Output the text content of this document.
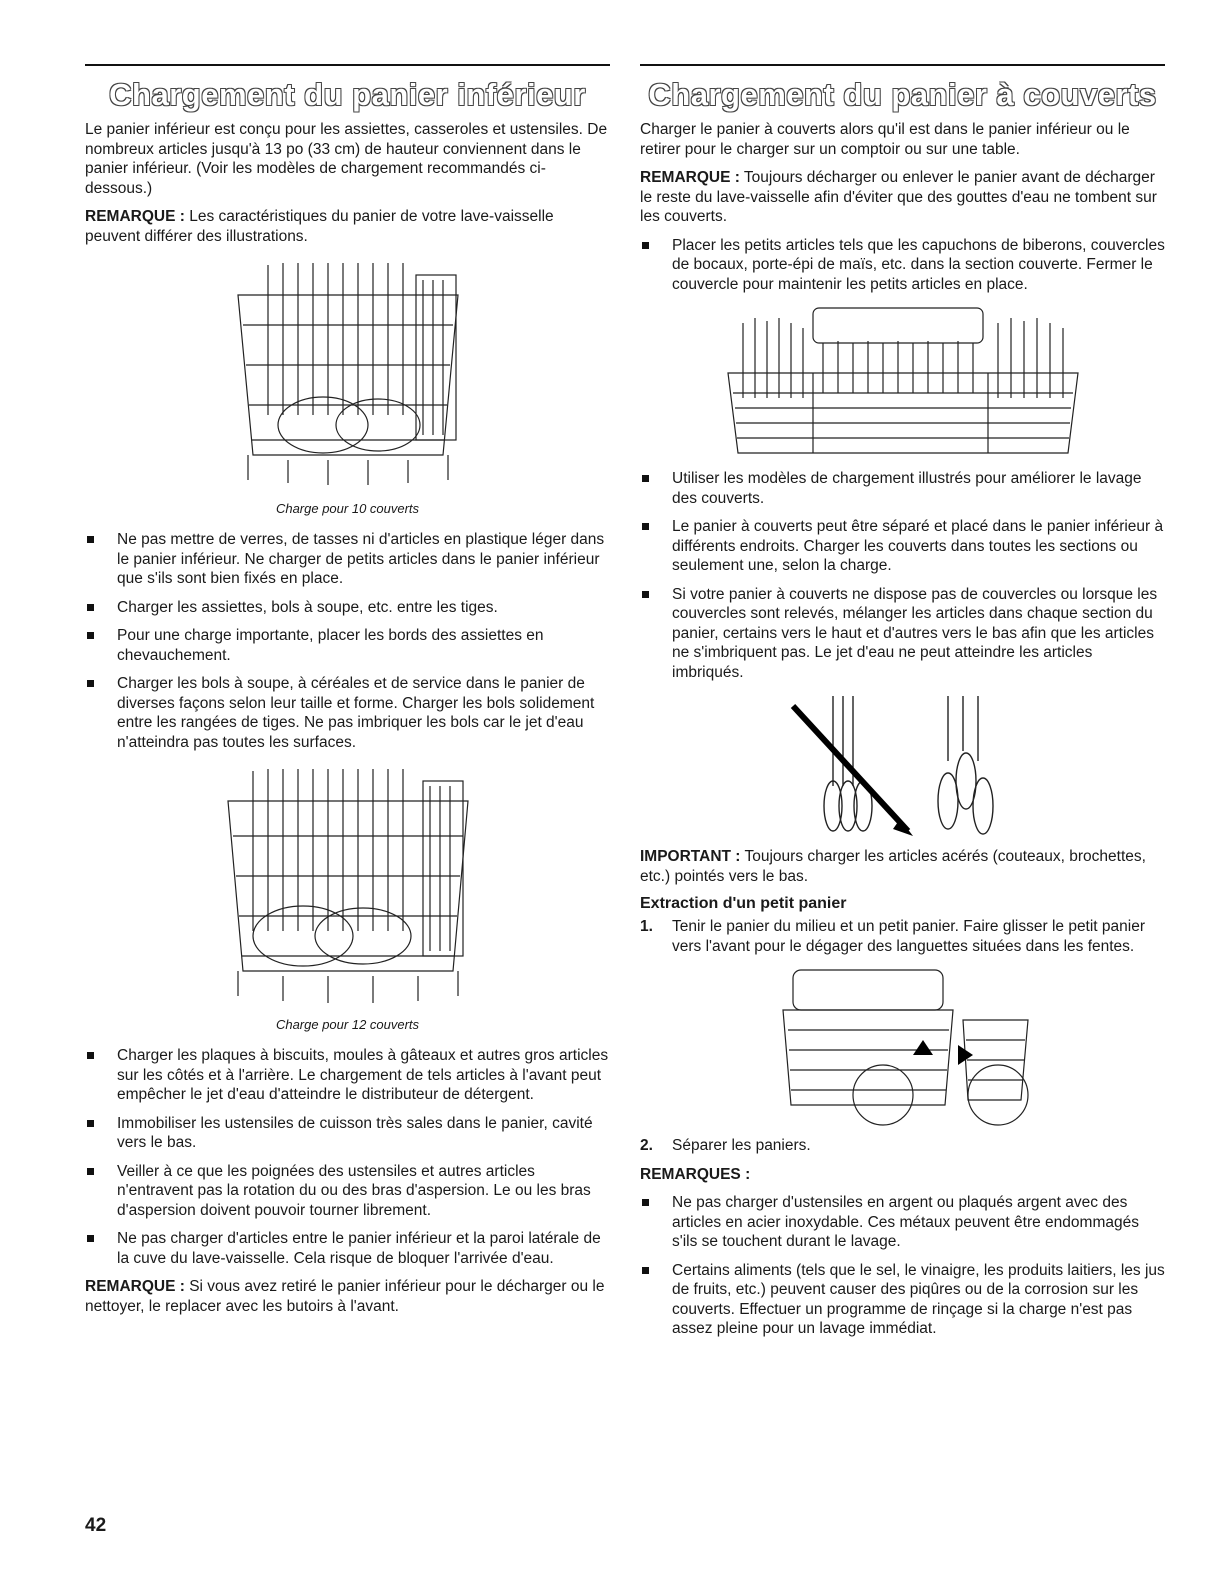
Chargement du panier inférieur

Le panier inférieur est conçu pour les assiettes, casseroles et ustensiles. De nombreux articles jusqu'à 13 po (33 cm) de hauteur conviennent dans le panier inférieur. (Voir les modèles de chargement recommandés ci-dessous.)

REMARQUE : Les caractéristiques du panier de votre lave-vaisselle peuvent différer des illustrations.

Charge pour 10 couverts
Ne pas mettre de verres, de tasses ni d'articles en plastique léger dans le panier inférieur. Ne charger de petits articles dans le panier inférieur que s'ils sont bien fixés en place.
Charger les assiettes, bols à soupe, etc. entre les tiges.
Pour une charge importante, placer les bords des assiettes en chevauchement.
Charger les bols à soupe, à céréales et de service dans le panier de diverses façons selon leur taille et forme. Charger les bols solidement entre les rangées de tiges. Ne pas imbriquer les bols car le jet d'eau n'atteindra pas toutes les surfaces.
Charge pour 12 couverts
Charger les plaques à biscuits, moules à gâteaux et autres gros articles sur les côtés et à l'arrière. Le chargement de tels articles à l'avant peut empêcher le jet d'eau d'atteindre le distributeur de détergent.
Immobiliser les ustensiles de cuisson très sales dans le panier, cavité vers le bas.
Veiller à ce que les poignées des ustensiles et autres articles n'entravent pas la rotation du ou des bras d'aspersion. Le ou les bras d'aspersion doivent pouvoir tourner librement.
Ne pas charger d'articles entre le panier inférieur et la paroi latérale de la cuve du lave-vaisselle. Cela risque de bloquer l'arrivée d'eau.

REMARQUE : Si vous avez retiré le panier inférieur pour le décharger ou le nettoyer, le replacer avec les butoirs à l'avant.

Chargement du panier à couverts

Charger le panier à couverts alors qu'il est dans le panier inférieur ou le retirer pour le charger sur un comptoir ou sur une table.

REMARQUE : Toujours décharger ou enlever le panier avant de décharger le reste du lave-vaisselle afin d'éviter que des gouttes d'eau ne tombent sur les couverts.

Placer les petits articles tels que les capuchons de biberons, couvercles de bocaux, porte-épi de maïs, etc. dans la section couverte. Fermer le couvercle pour maintenir les petits articles en place.
Utiliser les modèles de chargement illustrés pour améliorer le lavage des couverts.
Le panier à couverts peut être séparé et placé dans le panier inférieur à différents endroits. Charger les couverts dans toutes les sections ou seulement une, selon la charge.
Si votre panier à couverts ne dispose pas de couvercles ou lorsque les couvercles sont relevés, mélanger les articles dans chaque section du panier, certains vers le haut et d'autres vers le bas afin que les articles ne s'imbriquent pas. Le jet d'eau ne peut atteindre les articles imbriqués.

IMPORTANT : Toujours charger les articles acérés (couteaux, brochettes, etc.) pointés vers le bas.

Extraction d'un petit panier
1. Tenir le panier du milieu et un petit panier. Faire glisser le petit panier vers l'avant pour le dégager des languettes situées dans les fentes.
2. Séparer les paniers.

REMARQUES :

Ne pas charger d'ustensiles en argent ou plaqués argent avec des articles en acier inoxydable. Ces métaux peuvent être endommagés s'ils se touchent durant le lavage.
Certains aliments (tels que le sel, le vinaigre, les produits laitiers, les jus de fruits, etc.) peuvent causer des piqûres ou de la corrosion sur les couverts. Effectuer un programme de rinçage si la charge n'est pas assez pleine pour un lavage immédiat.
42
